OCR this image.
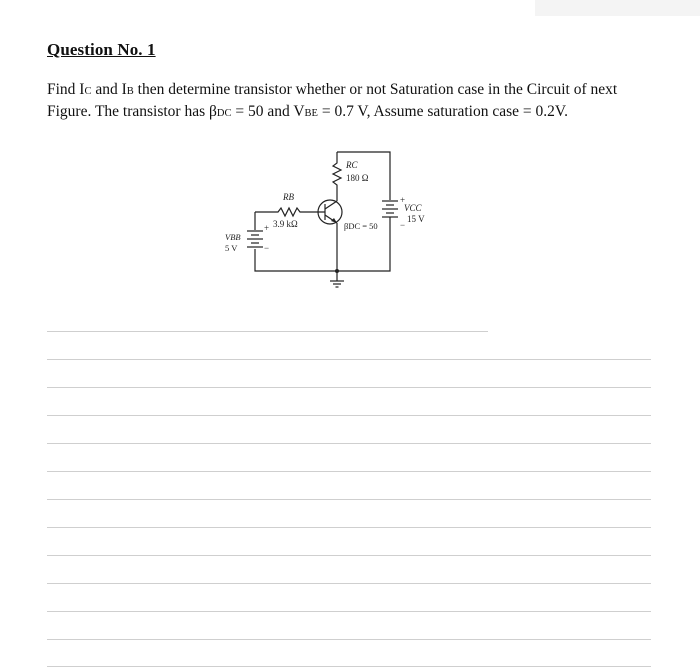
Question No. 1
Find IC and IB then determine transistor whether or not Saturation case in the Circuit of next
Figure. The transistor has βDC = 50 and VBE = 0.7 V, Assume saturation case = 0.2V.
RC
180 Ω
RB
3.9 kΩ
VCC
15 V
+
−
VBB
5 V
+
−
βDC = 50
